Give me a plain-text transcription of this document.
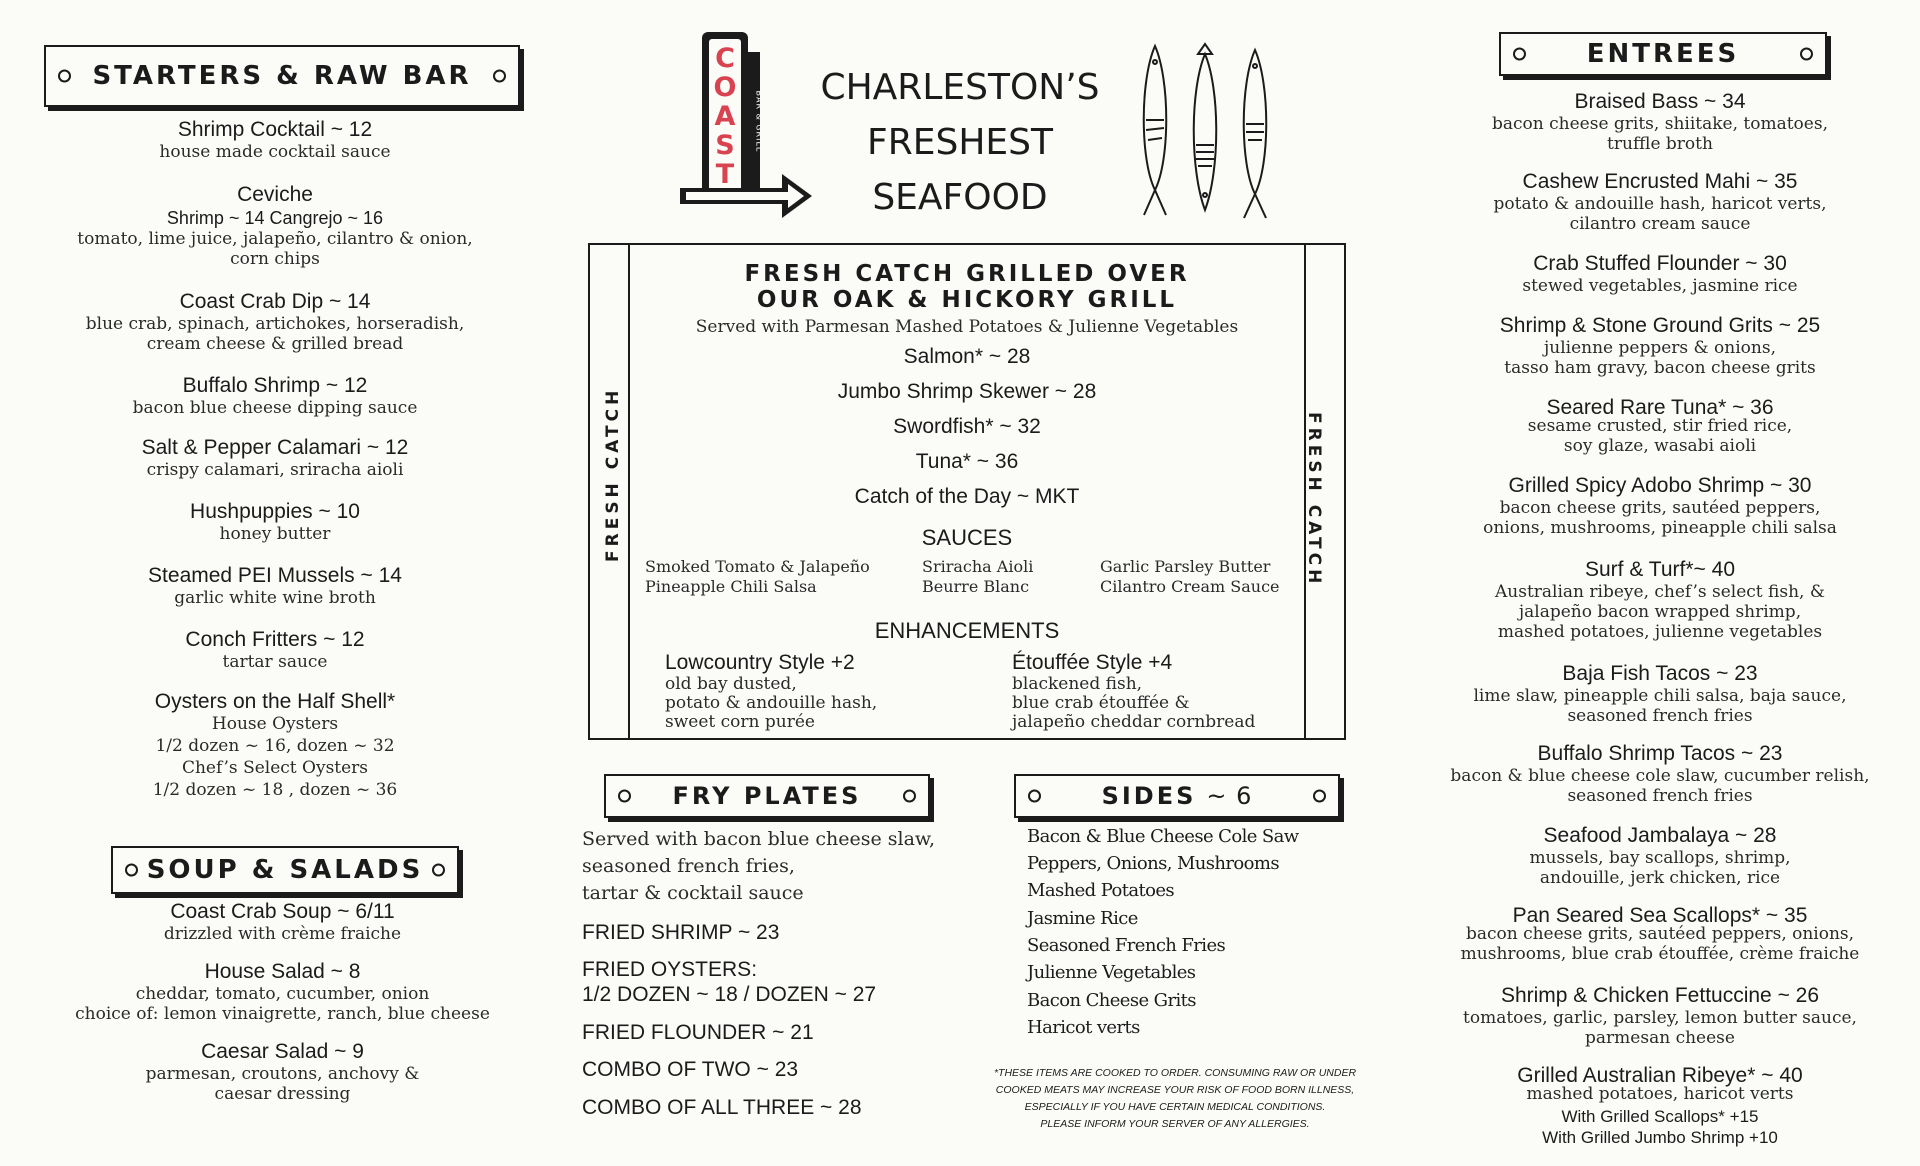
STARTERS & RAW BAR
Shrimp Cocktail ~ 12
house made cocktail sauce
Ceviche
Shrimp ~ 14 Cangrejo ~ 16
tomato, lime juice, jalapeño, cilantro & onion,
corn chips
Coast Crab Dip ~ 14
blue crab, spinach, artichokes, horseradish,
cream cheese & grilled bread
Buffalo Shrimp ~ 12
bacon blue cheese dipping sauce
Salt & Pepper Calamari ~ 12
crispy calamari, sriracha aioli
Hushpuppies ~ 10
honey butter
Steamed PEI Mussels ~ 14
garlic white wine broth
Conch Fritters ~ 12
tartar sauce
Oysters on the Half Shell*
House Oysters
1/2 dozen ~ 16, dozen ~ 32
Chef’s Select Oysters
1/2 dozen ~ 18 , dozen ~ 36
SOUP & SALADS
Coast Crab Soup ~ 6/11
drizzled with crème fraiche
House Salad ~ 8
cheddar, tomato, cucumber, onion
choice of: lemon vinaigrette, ranch, blue cheese
Caesar Salad ~ 9
parmesan, croutons, anchovy &
caesar dressing
COAST
BAR & GRILL
CHARLESTON’S
FRESHEST
SEAFOOD
FRESH CATCH	FRESH CATCH
FRESH CATCH GRILLED OVER
OUR OAK & HICKORY GRILL
Served with Parmesan Mashed Potatoes & Julienne Vegetables
Salmon* ~ 28
Jumbo Shrimp Skewer ~ 28
Swordfish* ~ 32
Tuna* ~ 36
Catch of the Day ~ MKT
SAUCES
Smoked Tomato & Jalapeño
Pineapple Chili Salsa
Sriracha Aioli
Beurre Blanc
Garlic Parsley Butter
Cilantro Cream Sauce
ENHANCEMENTS
Lowcountry Style +2
old bay dusted,
potato & andouille hash,
sweet corn purée
Étouffée Style +4
blackened fish,
blue crab étouffée &
jalapeño cheddar cornbread
FRY PLATES
Served with bacon blue cheese slaw,
seasoned french fries,
tartar & cocktail sauce
FRIED SHRIMP ~ 23
FRIED OYSTERS:
1/2 DOZEN ~ 18 / DOZEN ~ 27
FRIED FLOUNDER ~ 21
COMBO OF TWO ~ 23
COMBO OF ALL THREE ~ 28
SIDES ~ 6
Bacon & Blue Cheese Cole Saw
Peppers, Onions, Mushrooms
Mashed Potatoes
Jasmine Rice
Seasoned French Fries
Julienne Vegetables
Bacon Cheese Grits
Haricot verts
*THESE ITEMS ARE COOKED TO ORDER. CONSUMING RAW OR UNDER
COOKED MEATS MAY INCREASE YOUR RISK OF FOOD BORN ILLNESS,
ESPECIALLY IF YOU HAVE CERTAIN MEDICAL CONDITIONS.
PLEASE INFORM YOUR SERVER OF ANY ALLERGIES.
ENTREES
Braised Bass ~ 34
bacon cheese grits, shiitake, tomatoes,
truffle broth
Cashew Encrusted Mahi ~ 35
potato & andouille hash, haricot verts,
cilantro cream sauce
Crab Stuffed Flounder ~ 30
stewed vegetables, jasmine rice
Shrimp & Stone Ground Grits ~ 25
julienne peppers & onions,
tasso ham gravy, bacon cheese grits
Seared Rare Tuna* ~ 36
sesame crusted, stir fried rice,
soy glaze, wasabi aioli
Grilled Spicy Adobo Shrimp ~ 30
bacon cheese grits, sautéed peppers,
onions, mushrooms, pineapple chili salsa
Surf & Turf*~ 40
Australian ribeye, chef’s select fish, &
jalapeño bacon wrapped shrimp,
mashed potatoes, julienne vegetables
Baja Fish Tacos ~ 23
lime slaw, pineapple chili salsa, baja sauce,
seasoned french fries
Buffalo Shrimp Tacos ~ 23
bacon & blue cheese cole slaw, cucumber relish,
seasoned french fries
Seafood Jambalaya ~ 28
mussels, bay scallops, shrimp,
andouille, jerk chicken, rice
Pan Seared Sea Scallops* ~ 35
bacon cheese grits, sautéed peppers, onions,
mushrooms, blue crab étouffée, crème fraiche
Shrimp & Chicken Fettuccine ~ 26
tomatoes, garlic, parsley, lemon butter sauce,
parmesan cheese
Grilled Australian Ribeye* ~ 40
mashed potatoes, haricot verts
With Grilled Scallops* +15
With Grilled Jumbo Shrimp +10
